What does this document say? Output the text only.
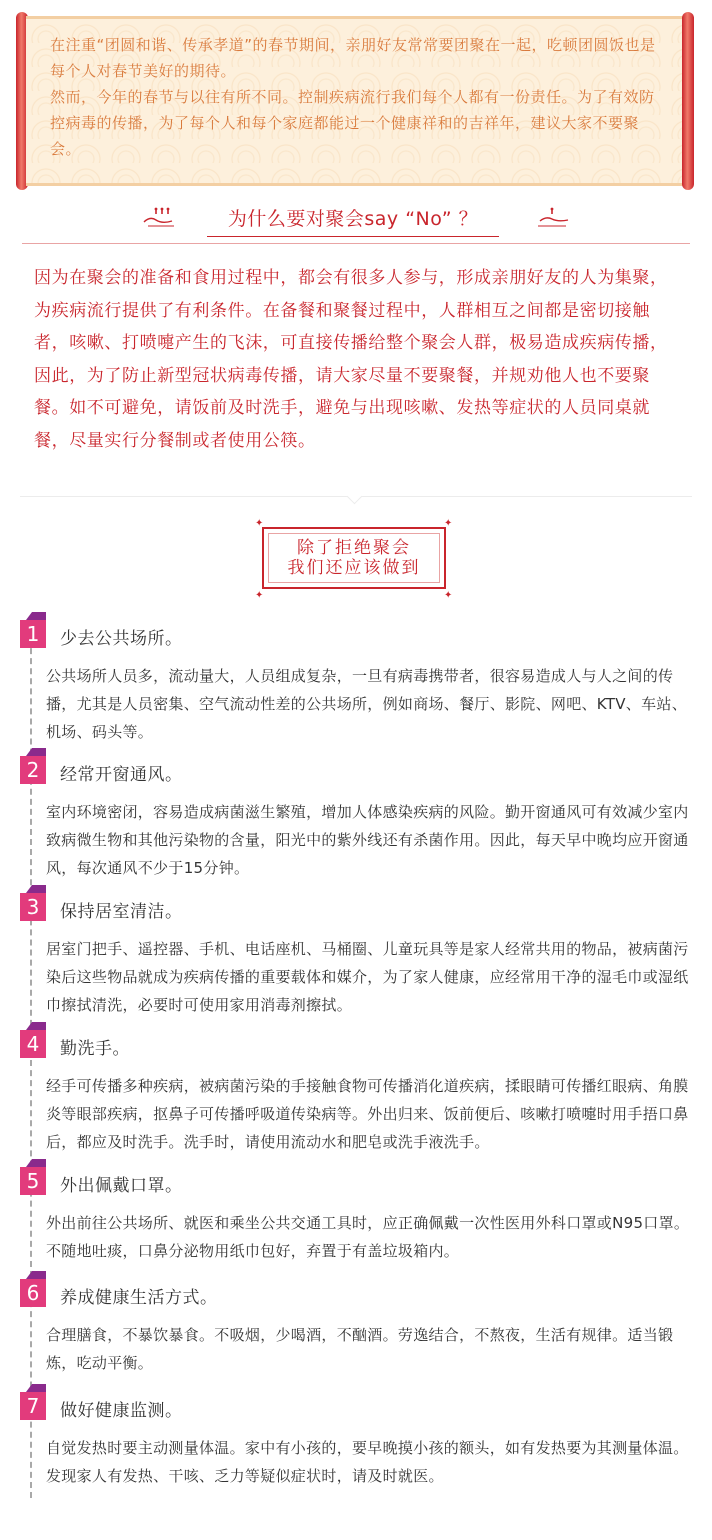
在注重“团圆和谐、传承孝道”的春节期间，亲朋好友常常要团聚在一起，吃顿团圆饭也是每个人对春节美好的期待。

然而，今年的春节与以往有所不同。控制疾病流行我们每个人都有一份责任。为了有效防控病毒的传播，为了每个人和每个家庭都能过一个健康祥和的吉祥年，建议大家不要聚会。

为什么要对聚会say “No” ？

因为在聚会的准备和食用过程中，都会有很多人参与，形成亲朋好友的人为集聚，为疾病流行提供了有利条件。在备餐和聚餐过程中，人群相互之间都是密切接触者，咳嗽、打喷嚏产生的飞沫，可直接传播给整个聚会人群，极易造成疾病传播，因此，为了防止新型冠状病毒传播，请大家尽量不要聚餐，并规劝他人也不要聚餐。如不可避免，请饭前及时洗手，避免与出现咳嗽、发热等症状的人员同桌就餐，尽量实行分餐制或者使用公筷。

除了拒绝聚会
我们还应该做到
✦	✦
✦	✦
1	少去公共场所。

公共场所人员多，流动量大，人员组成复杂，一旦有病毒携带者，很容易造成人与人之间的传播，尤其是人员密集、空气流动性差的公共场所，例如商场、餐厅、影院、网吧、KTV、车站、机场、码头等。

2	经常开窗通风。

室内环境密闭，容易造成病菌滋生繁殖，增加人体感染疾病的风险。勤开窗通风可有效减少室内致病微生物和其他污染物的含量，阳光中的紫外线还有杀菌作用。因此，每天早中晚均应开窗通风，每次通风不少于15分钟。

3	保持居室清洁。

居室门把手、遥控器、手机、电话座机、马桶圈、儿童玩具等是家人经常共用的物品，被病菌污染后这些物品就成为疾病传播的重要载体和媒介，为了家人健康，应经常用干净的湿毛巾或湿纸巾擦拭清洗，必要时可使用家用消毒剂擦拭。

4	勤洗手。

经手可传播多种疾病，被病菌污染的手接触食物可传播消化道疾病，揉眼睛可传播红眼病、角膜炎等眼部疾病，抠鼻子可传播呼吸道传染病等。外出归来、饭前便后、咳嗽打喷嚏时用手捂口鼻后，都应及时洗手。洗手时，请使用流动水和肥皂或洗手液洗手。

5	外出佩戴口罩。

外出前往公共场所、就医和乘坐公共交通工具时，应正确佩戴一次性医用外科口罩或N95口罩。不随地吐痰，口鼻分泌物用纸巾包好，弃置于有盖垃圾箱内。

6	养成健康生活方式。

合理膳食，不暴饮暴食。不吸烟，少喝酒，不酗酒。劳逸结合，不熬夜，生活有规律。适当锻炼，吃动平衡。

7	做好健康监测。

自觉发热时要主动测量体温。家中有小孩的，要早晚摸小孩的额头，如有发热要为其测量体温。发现家人有发热、干咳、乏力等疑似症状时，请及时就医。
